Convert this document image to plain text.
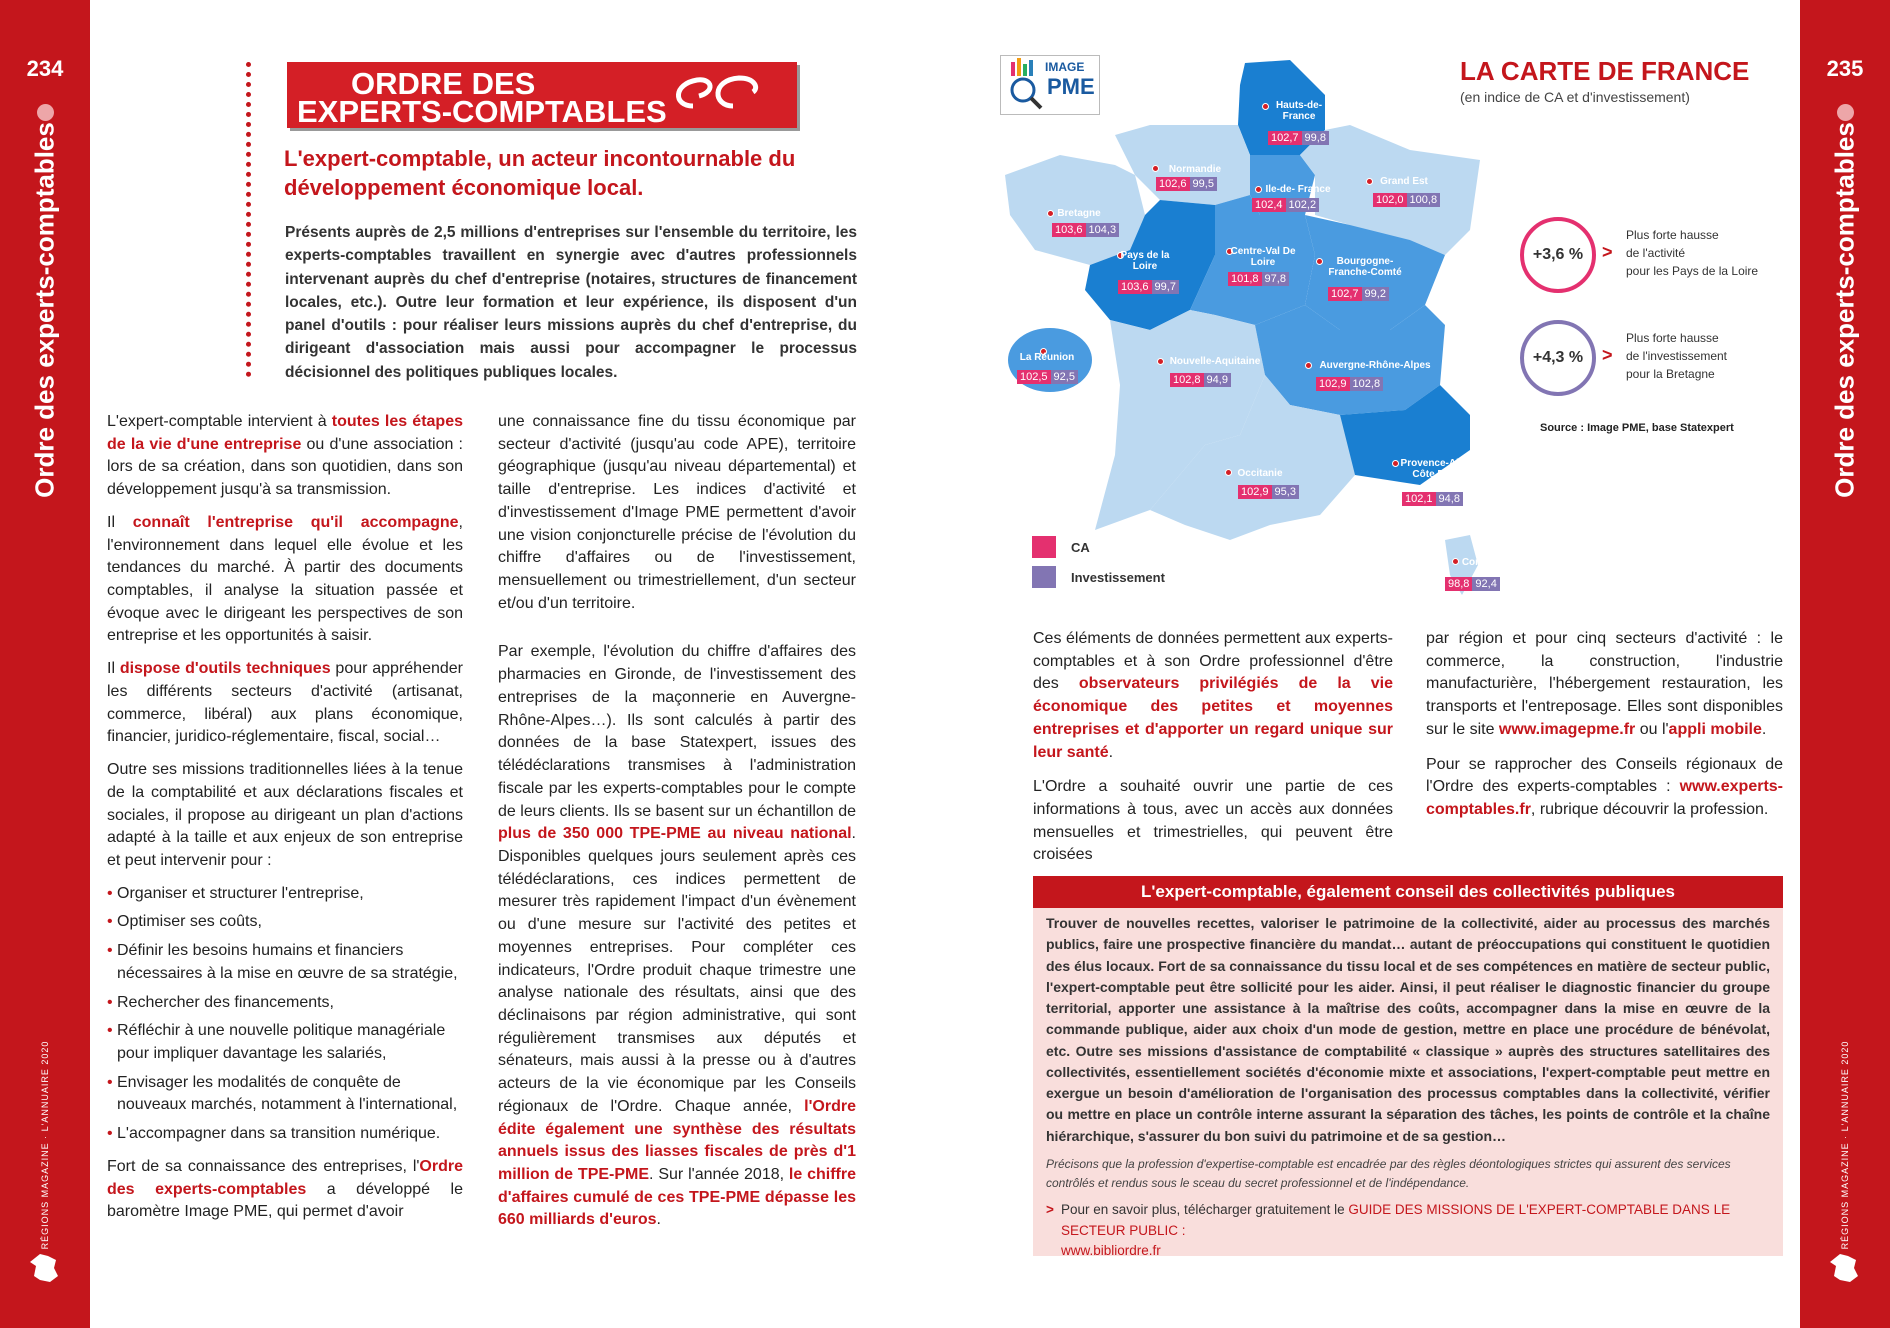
234
Ordre des experts-comptables
RÉGIONS MAGAZINE · L'ANNUAIRE 2020
235
Ordre des experts-comptables
RÉGIONS MAGAZINE · L'ANNUAIRE 2020
ORDRE DES
EXPERTS-COMPTABLES
L'expert-comptable, un acteur incontournable du développement économique local.
Présents auprès de 2,5 millions d'entreprises sur l'ensemble du territoire, les experts-comptables travaillent en synergie avec d'autres professionnels intervenant auprès du chef d'entreprise (notaires, structures de financement locales, etc.). Outre leur formation et leur expérience, ils disposent d'un panel d'outils : pour réaliser leurs missions auprès du chef d'entreprise, du dirigeant d'association mais aussi pour accompagner le processus décisionnel des politiques publiques locales.

L'expert-comptable intervient à toutes les étapes de la vie d'une entreprise ou d'une association : lors de sa création, dans son quotidien, dans son développement jusqu'à sa transmission.

Il connaît l'entreprise qu'il accompagne, l'environnement dans lequel elle évolue et les tendances du marché. À partir des documents comptables, il analyse la situation passée et évoque avec le dirigeant les perspectives de son entreprise et les opportunités à saisir.

Il dispose d'outils techniques pour appréhender les différents secteurs d'activité (artisanat, commerce, libéral) aux plans économique, financier, juridico-réglementaire, fiscal, social…

Outre ses missions traditionnelles liées à la tenue de la comptabilité et aux déclarations fiscales et sociales, il propose au dirigeant un plan d'actions adapté à la taille et aux enjeux de son entreprise et peut intervenir pour :

• Organiser et structurer l'entreprise,
• Optimiser ses coûts,
• Définir les besoins humains et financiers nécessaires à la mise en œuvre de sa stratégie,
• Rechercher des financements,
• Réfléchir à une nouvelle politique managériale pour impliquer davantage les salariés,
• Envisager les modalités de conquête de nouveaux marchés, notamment à l'international,
• L'accompagner dans sa transition numérique.

Fort de sa connaissance des entreprises, l'Ordre des experts-comptables a développé le baromètre Image PME, qui permet d'avoir

une connaissance fine du tissu économique par secteur d'activité (jusqu'au code APE), territoire géographique (jusqu'au niveau départemental) et taille d'entreprise. Les indices d'activité et d'investissement d'Image PME permettent d'avoir une vision conjoncturelle précise de l'évolution du chiffre d'affaires ou de l'investissement, mensuellement ou trimestriellement, d'un secteur et/ou d'un territoire.

Par exemple, l'évolution du chiffre d'affaires des pharmacies en Gironde, de l'investissement des entreprises de la maçonnerie en Auvergne-Rhône-Alpes…). Ils sont calculés à partir des données de la base Statexpert, issues des télédéclarations transmises à l'administration fiscale par les experts-comptables pour le compte de leurs clients. Ils se basent sur un échantillon de plus de 350 000 TPE-PME au niveau national. Disponibles quelques jours seulement après ces télédéclarations, ces indices permettent de mesurer très rapidement l'impact d'un évènement ou d'une mesure sur l'activité des petites et moyennes entreprises. Pour compléter ces indicateurs, l'Ordre produit chaque trimestre une analyse nationale des résultats, ainsi que des déclinaisons par région administrative, qui sont régulièrement transmises aux députés et sénateurs, mais aussi à la presse ou à d'autres acteurs de la vie économique par les Conseils régionaux de l'Ordre. Chaque année, l'Ordre édite également une synthèse des résultats annuels issus des liasses fiscales de près d'1 million de TPE-PME. Sur l'année 2018, le chiffre d'affaires cumulé de ces TPE-PME dépasse les 660 milliards d'euros.

IMAGE
PME
LA CARTE DE FRANCE
(en indice de CA et d'investissement)
Hauts-de-France
102,7 99,8
Normandie
102,6 99,5	Ile-de- France
102,4 102,2
Grand Est
102,0 100,8
Bretagne
103,6 104,3
Pays de la Loire
103,6 99,7
Centre-Val De Loire
101,8 97,8
Bourgogne-Franche-Comté
102,7 99,2
La Réunion
102,5 92,5
Nouvelle-Aquitaine
102,8 94,9
Auvergne-Rhône-Alpes
102,9 102,8
Occitanie
102,9 95,3
Provence-Alpes-Côte D'azur
102,1 94,8
Corse
98,8 92,4
CA
Investissement
+3,6 %	>
Plus forte hausse
de l'activité
pour les Pays de la Loire
+4,3 %	>
Plus forte hausse
de l'investissement
pour la Bretagne
Source : Image PME, base Statexpert

Ces éléments de données permettent aux experts-comptables et à son Ordre professionnel d'être des observateurs privilégiés de la vie économique des petites et moyennes entreprises et d'apporter un regard unique sur leur santé.

L'Ordre a souhaité ouvrir une partie de ces informations à tous, avec un accès aux données mensuelles et trimestrielles, qui peuvent être croisées

par région et pour cinq secteurs d'activité : le commerce, la construction, l'industrie manufacturière, l'hébergement restauration, les transports et l'entreposage. Elles sont disponibles sur le site www.imagepme.fr ou l'appli mobile.

Pour se rapprocher des Conseils régionaux de l'Ordre des experts-comptables : www.experts-comptables.fr, rubrique découvrir la profession.

L'expert-comptable, également conseil des collectivités publiques
Trouver de nouvelles recettes, valoriser le patrimoine de la collectivité, aider au processus des marchés publics, faire une prospective financière du mandat… autant de préoccupations qui constituent le quotidien des élus locaux. Fort de sa connaissance du tissu local et de ses compétences en matière de secteur public, l'expert-comptable peut être sollicité pour les aider. Ainsi, il peut réaliser le diagnostic financier du groupe territorial, apporter une assistance à la maîtrise des coûts, accompagner dans la mise en œuvre de la commande publique, aider aux choix d'un mode de gestion, mettre en place une procédure de bénévolat, etc. Outre ses missions d'assistance de comptabilité « classique » auprès des structures satellitaires des collectivités, essentiellement sociétés d'économie mixte et associations, l'expert-comptable peut mettre en exergue un besoin d'amélioration de l'organisation des processus comptables dans la collectivité, vérifier ou mettre en place un contrôle interne assurant la séparation des tâches, les points de contrôle et la chaîne hiérarchique, s'assurer du bon suivi du patrimoine et de sa gestion…
Précisons que la profession d'expertise-comptable est encadrée par des règles déontologiques strictes qui assurent des services contrôlés et rendus sous le sceau du secret professionnel et de l'indépendance.
> Pour en savoir plus, télécharger gratuitement le GUIDE DES MISSIONS DE L'EXPERT-COMPTABLE DANS LE SECTEUR PUBLIC :
www.bibliordre.fr
